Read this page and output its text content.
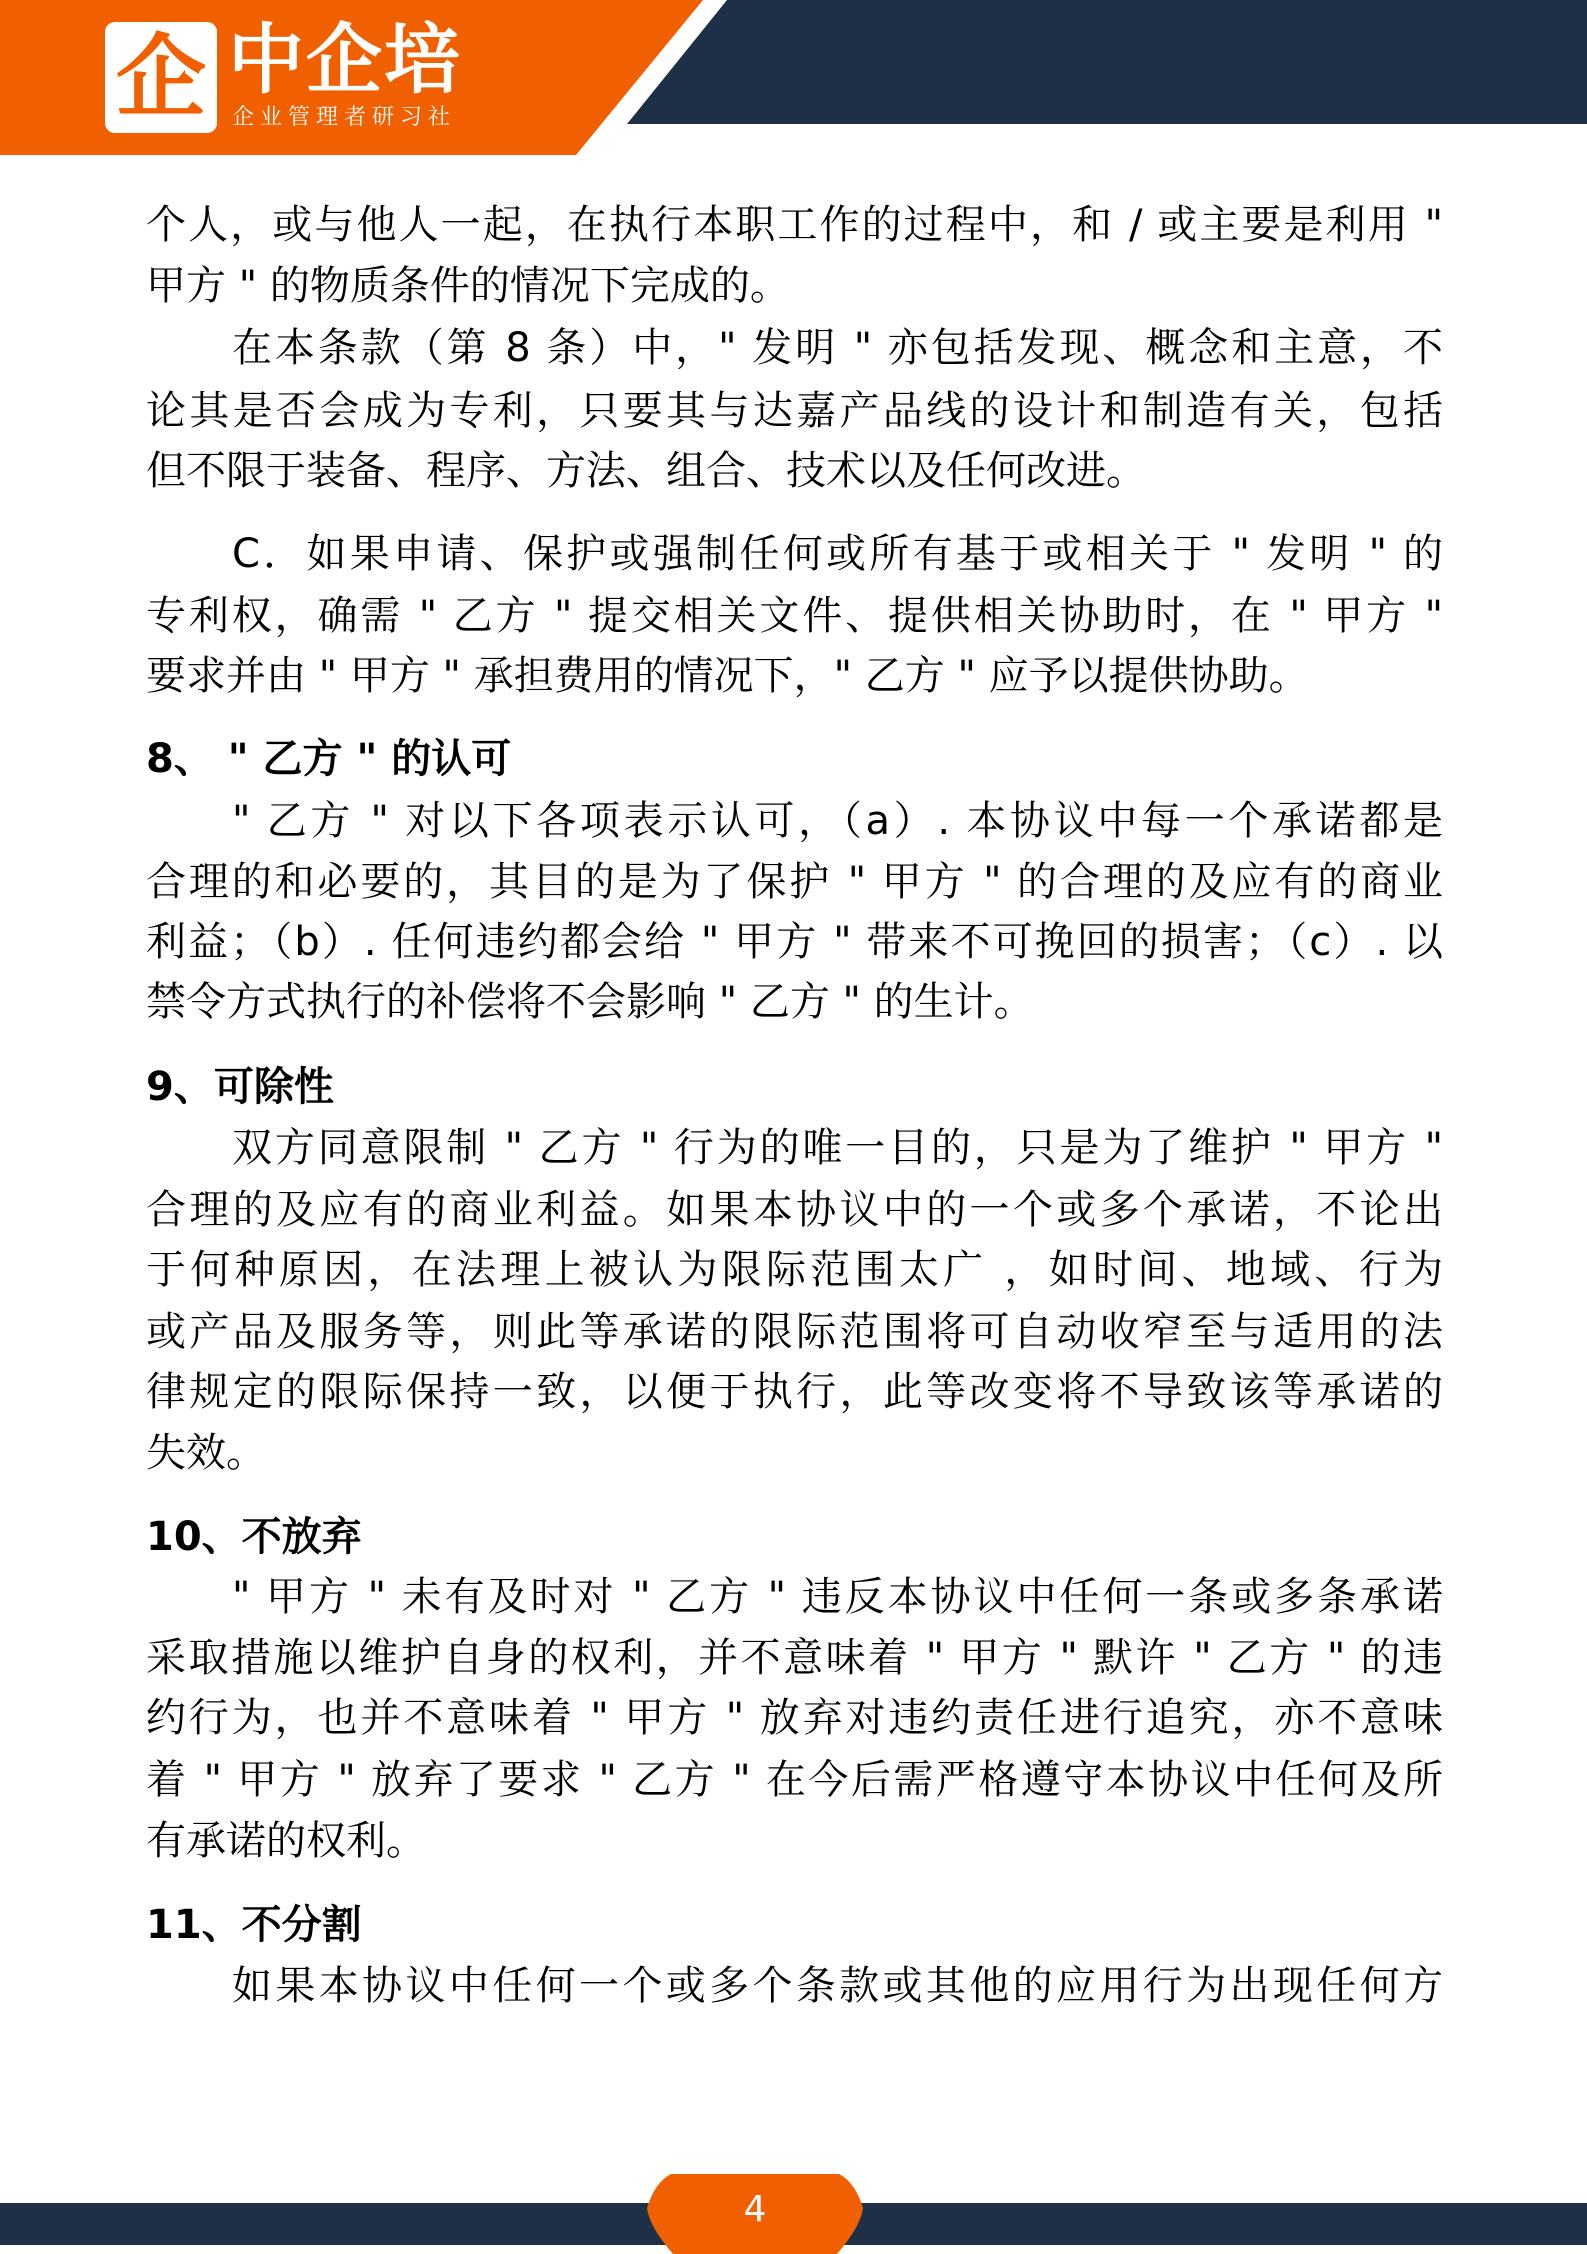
企 中企培
企业管理者研习社
个人，或与他人一起，在执行本职工作的过程中，和 / 或主要是利用 "
甲方 " 的物质条件的情况下完成的。
在本条款（第 8 条）中，" 发明 " 亦包括发现、概念和主意，不
论其是否会成为专利，只要其与达嘉产品线的设计和制造有关，包括
但不限于装备、程序、方法、组合、技术以及任何改进。
C．如果申请、保护或强制任何或所有基于或相关于 " 发明 " 的
专利权，确需 " 乙方 " 提交相关文件、提供相关协助时，在 " 甲方 "
要求并由 " 甲方 " 承担费用的情况下，" 乙方 " 应予以提供协助。
8、 " 乙方 " 的认可
" 乙方 " 对以下各项表示认可，（a）. 本协议中每一个承诺都是
合理的和必要的，其目的是为了保护 " 甲方 " 的合理的及应有的商业
利益；（b）. 任何违约都会给 " 甲方 " 带来不可挽回的损害；（c）. 以
禁令方式执行的补偿将不会影响 " 乙方 " 的生计。
9、可除性
双方同意限制 " 乙方 " 行为的唯一目的，只是为了维护 " 甲方 "
合理的及应有的商业利益。如果本协议中的一个或多个承诺，不论出
于何种原因，在法理上被认为限际范围太广 ，如时间、地域、行为
或产品及服务等，则此等承诺的限际范围将可自动收窄至与适用的法
律规定的限际保持一致，以便于执行，此等改变将不导致该等承诺的
失效。
10、不放弃
" 甲方 " 未有及时对 " 乙方 " 违反本协议中任何一条或多条承诺
采取措施以维护自身的权利，并不意味着 " 甲方 " 默许 " 乙方 " 的违
约行为，也并不意味着 " 甲方 " 放弃对违约责任进行追究，亦不意味
着 " 甲方 " 放弃了要求 " 乙方 " 在今后需严格遵守本协议中任何及所
有承诺的权利。
11、不分割
如果本协议中任何一个或多个条款或其他的应用行为出现任何方
4
